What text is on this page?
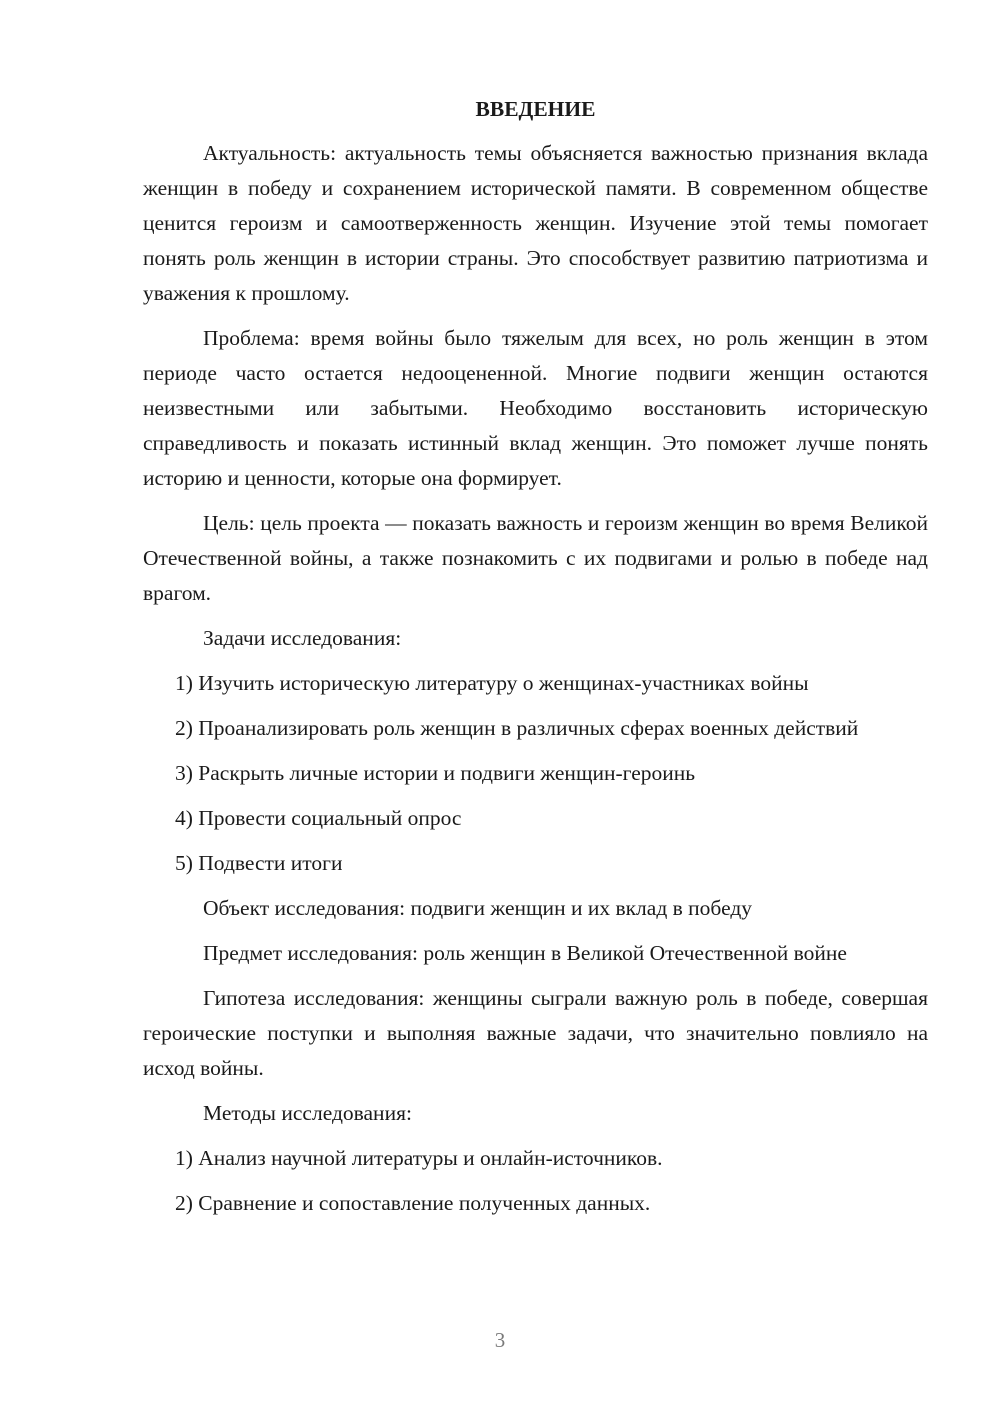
ВВЕДЕНИЕ

Актуальность: актуальность темы объясняется важностью признания вклада женщин в победу и сохранением исторической памяти. В современном обществе ценится героизм и самоотверженность женщин. Изучение этой темы помогает понять роль женщин в истории страны. Это способствует развитию патриотизма и уважения к прошлому.

Проблема: время войны было тяжелым для всех, но роль женщин в этом периоде часто остается недооцененной. Многие подвиги женщин остаются неизвестными или забытыми. Необходимо восстановить историческую справедливость и показать истинный вклад женщин. Это поможет лучше понять историю и ценности, которые она формирует.

Цель: цель проекта — показать важность и героизм женщин во время Великой Отечественной войны, а также познакомить с их подвигами и ролью в победе над врагом.

Задачи исследования:

1) Изучить историческую литературу о женщинах-участниках войны

2) Проанализировать роль женщин в различных сферах военных действий

3) Раскрыть личные истории и подвиги женщин-героинь

4) Провести социальный опрос

5) Подвести итоги

Объект исследования: подвиги женщин и их вклад в победу

Предмет исследования: роль женщин в Великой Отечественной войне

Гипотеза исследования: женщины сыграли важную роль в победе, совершая героические поступки и выполняя важные задачи, что значительно повлияло на исход войны.

Методы исследования:

1) Анализ научной литературы и онлайн-источников.

2) Сравнение и сопоставление полученных данных.

3
